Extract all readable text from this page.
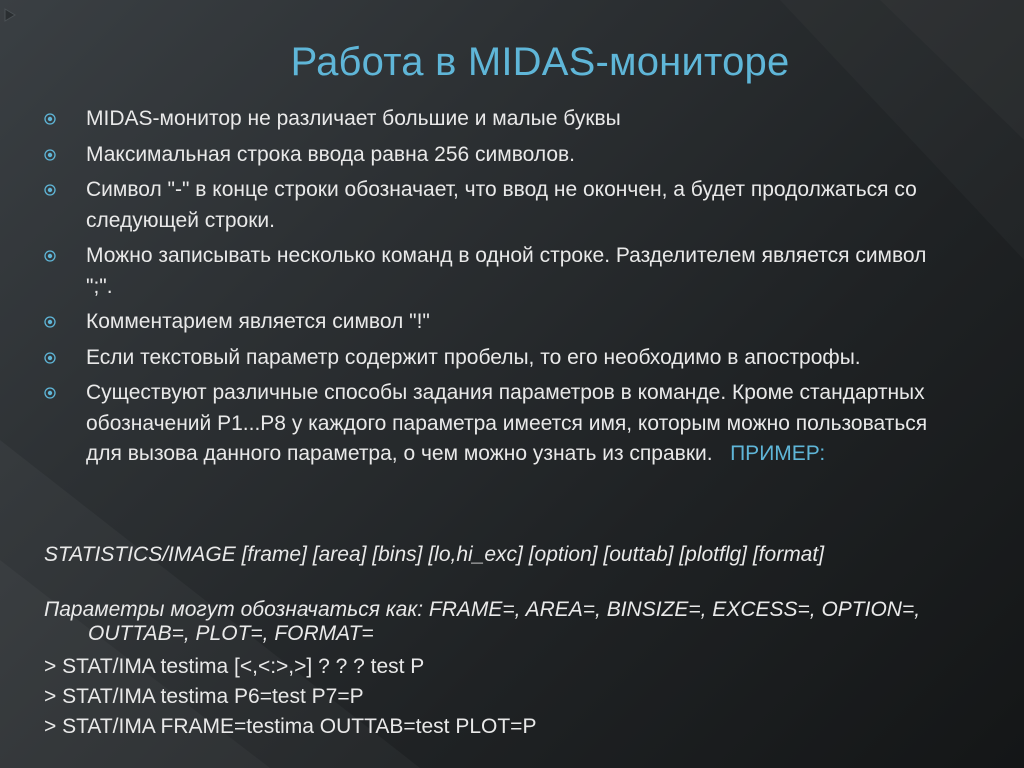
Работа в MIDAS-мониторе
MIDAS-монитор не различает большие и малые буквы
Максимальная строка ввода равна 256 символов.
Символ "-" в конце строки обозначает, что ввод не окончен, а будет продолжаться со следующей строки.
Можно записывать несколько команд в одной строке. Разделителем является символ ";".
Комментарием является символ "!"
Если текстовый параметр содержит пробелы, то его необходимо в апострофы.
Существуют различные способы задания параметров в команде. Кроме стандартных обозначений P1...P8 у каждого параметра имеется имя, которым можно пользоваться для вызова данного параметра, о чем можно узнать из справки.   ПРИМЕР:
STATISTICS/IMAGE [frame] [area] [bins] [lo,hi_exc] [option] [outtab] [plotflg] [format]
Параметры могут обозначаться как: FRAME=, AREA=, BINSIZE=, EXCESS=, OPTION=, OUTTAB=, PLOT=, FORMAT=
> STAT/IMA testima [<,<:>,>] ? ? ? test P
> STAT/IMA testima P6=test P7=P
> STAT/IMA FRAME=testima OUTTAB=test PLOT=P
